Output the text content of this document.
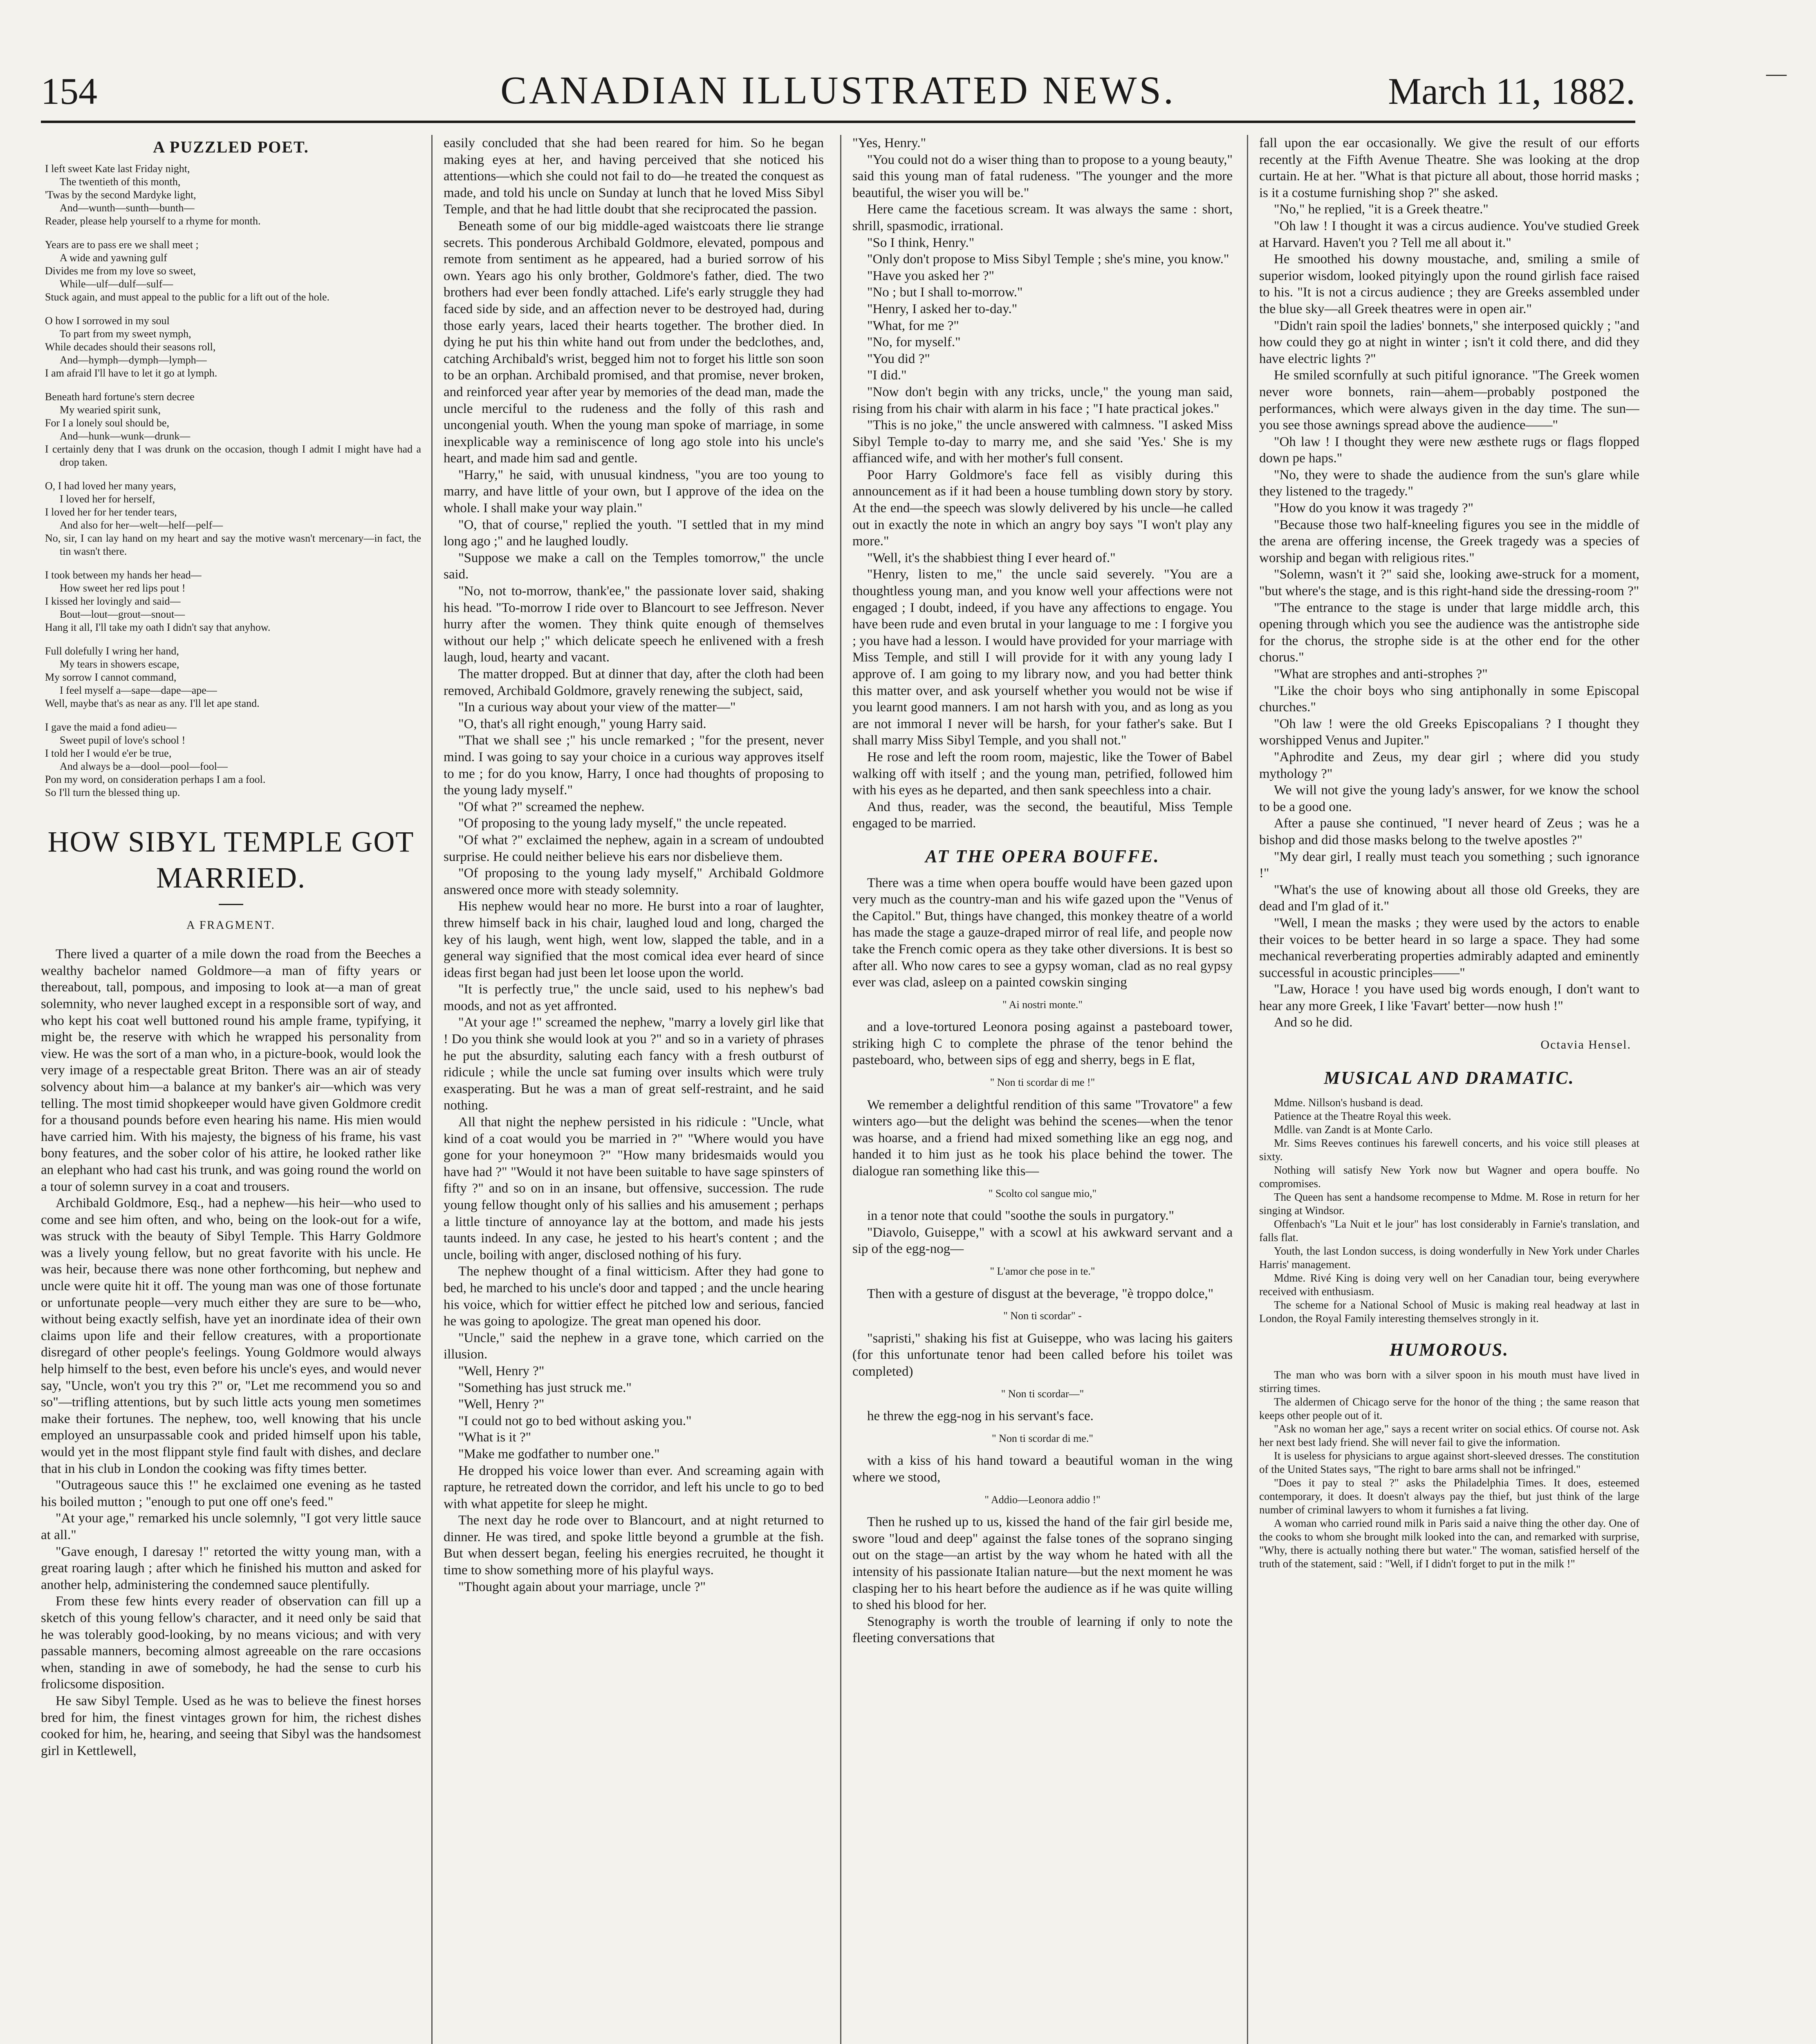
154	CANADIAN ILLUSTRATED NEWS.	March 11, 1882.
A PUZZLED POET.
I left sweet Kate last Friday night,
The twentieth of this month,
'Twas by the second Mardyke light,
And—wunth—sunth—bunth—
Reader, please help yourself to a rhyme for month.
Years are to pass ere we shall meet ;
A wide and yawning gulf
Divides me from my love so sweet,
While—ulf—dulf—sulf—
Stuck again, and must appeal to the public for a lift out of the hole.
O how I sorrowed in my soul
To part from my sweet nymph,
While decades should their seasons roll,
And—hymph—dymph—lymph—
I am afraid I'll have to let it go at lymph.
Beneath hard fortune's stern decree
My wearied spirit sunk,
For I a lonely soul should be,
And—hunk—wunk—drunk—
I certainly deny that I was drunk on the occasion, though I admit I might have had a drop taken.
O, I had loved her many years,
I loved her for herself,
I loved her for her tender tears,
And also for her—welt—helf—pelf—
No, sir, I can lay hand on my heart and say the motive wasn't mercenary—in fact, the tin wasn't there.
I took between my hands her head—
How sweet her red lips pout !
I kissed her lovingly and said—
Bout—lout—grout—snout—
Hang it all, I'll take my oath I didn't say that anyhow.
Full dolefully I wring her hand,
My tears in showers escape,
My sorrow I cannot command,
I feel myself a—sape—dape—ape—
Well, maybe that's as near as any. I'll let ape stand.
I gave the maid a fond adieu—
Sweet pupil of love's school !
I told her I would e'er be true,
And always be a—dool—pool—fool—
Pon my word, on consideration perhaps I am a fool.
So I'll turn the blessed thing up.
HOW SIBYL TEMPLE GOT MARRIED.
A FRAGMENT.

There lived a quarter of a mile down the road from the Beeches a wealthy bachelor named Goldmore—a man of fifty years or thereabout, tall, pompous, and imposing to look at—a man of great solemnity, who never laughed except in a responsible sort of way, and who kept his coat well buttoned round his ample frame, typifying, it might be, the reserve with which he wrapped his personality from view. He was the sort of a man who, in a picture-book, would look the very image of a respectable great Briton. There was an air of steady solvency about him—a balance at my banker's air—which was very telling. The most timid shopkeeper would have given Goldmore credit for a thousand pounds before even hearing his name. His mien would have carried him. With his majesty, the bigness of his frame, his vast bony features, and the sober color of his attire, he looked rather like an elephant who had cast his trunk, and was going round the world on a tour of solemn survey in a coat and trousers.

Archibald Goldmore, Esq., had a nephew—his heir—who used to come and see him often, and who, being on the look-out for a wife, was struck with the beauty of Sibyl Temple. This Harry Goldmore was a lively young fellow, but no great favorite with his uncle. He was heir, because there was none other forthcoming, but nephew and uncle were quite hit it off. The young man was one of those fortunate or unfortunate people—very much either they are sure to be—who, without being exactly selfish, have yet an inordinate idea of their own claims upon life and their fellow creatures, with a proportionate disregard of other people's feelings. Young Goldmore would always help himself to the best, even before his uncle's eyes, and would never say, "Uncle, won't you try this ?" or, "Let me recommend you so and so"—trifling attentions, but by such little acts young men sometimes make their fortunes. The nephew, too, well knowing that his uncle employed an unsurpassable cook and prided himself upon his table, would yet in the most flippant style find fault with dishes, and declare that in his club in London the cooking was fifty times better.

"Outrageous sauce this !" he exclaimed one evening as he tasted his boiled mutton ; "enough to put one off one's feed."

"At your age," remarked his uncle solemnly, "I got very little sauce at all."

"Gave enough, I daresay !" retorted the witty young man, with a great roaring laugh ; after which he finished his mutton and asked for another help, administering the condemned sauce plentifully.

From these few hints every reader of observation can fill up a sketch of this young fellow's character, and it need only be said that he was tolerably good-looking, by no means vicious; and with very passable manners, becoming almost agreeable on the rare occasions when, standing in awe of somebody, he had the sense to curb his frolicsome disposition.

He saw Sibyl Temple. Used as he was to believe the finest horses bred for him, the finest vintages grown for him, the richest dishes cooked for him, he, hearing, and seeing that Sibyl was the handsomest girl in Kettlewell,

easily concluded that she had been reared for him. So he began making eyes at her, and having perceived that she noticed his attentions—which she could not fail to do—he treated the conquest as made, and told his uncle on Sunday at lunch that he loved Miss Sibyl Temple, and that he had little doubt that she reciprocated the passion.

Beneath some of our big middle-aged waistcoats there lie strange secrets. This ponderous Archibald Goldmore, elevated, pompous and remote from sentiment as he appeared, had a buried sorrow of his own. Years ago his only brother, Goldmore's father, died. The two brothers had ever been fondly attached. Life's early struggle they had faced side by side, and an affection never to be destroyed had, during those early years, laced their hearts together. The brother died. In dying he put his thin white hand out from under the bedclothes, and, catching Archibald's wrist, begged him not to forget his little son soon to be an orphan. Archibald promised, and that promise, never broken, and reinforced year after year by memories of the dead man, made the uncle merciful to the rudeness and the folly of this rash and uncongenial youth. When the young man spoke of marriage, in some inexplicable way a reminiscence of long ago stole into his uncle's heart, and made him sad and gentle.

"Harry," he said, with unusual kindness, "you are too young to marry, and have little of your own, but I approve of the idea on the whole. I shall make your way plain."

"O, that of course," replied the youth. "I settled that in my mind long ago ;" and he laughed loudly.

"Suppose we make a call on the Temples tomorrow," the uncle said.

"No, not to-morrow, thank'ee," the passionate lover said, shaking his head. "To-morrow I ride over to Blancourt to see Jeffreson. Never hurry after the women. They think quite enough of themselves without our help ;" which delicate speech he enlivened with a fresh laugh, loud, hearty and vacant.

The matter dropped. But at dinner that day, after the cloth had been removed, Archibald Goldmore, gravely renewing the subject, said,

"In a curious way about your view of the matter—"

"O, that's all right enough," young Harry said.

"That we shall see ;" his uncle remarked ; "for the present, never mind. I was going to say your choice in a curious way approves itself to me ; for do you know, Harry, I once had thoughts of proposing to the young lady myself."

"Of what ?" screamed the nephew.

"Of proposing to the young lady myself," the uncle repeated.

"Of what ?" exclaimed the nephew, again in a scream of undoubted surprise. He could neither believe his ears nor disbelieve them.

"Of proposing to the young lady myself," Archibald Goldmore answered once more with steady solemnity.

His nephew would hear no more. He burst into a roar of laughter, threw himself back in his chair, laughed loud and long, charged the key of his laugh, went high, went low, slapped the table, and in a general way signified that the most comical idea ever heard of since ideas first began had just been let loose upon the world.

"It is perfectly true," the uncle said, used to his nephew's bad moods, and not as yet affronted.

"At your age !" screamed the nephew, "marry a lovely girl like that ! Do you think she would look at you ?" and so in a variety of phrases he put the absurdity, saluting each fancy with a fresh outburst of ridicule ; while the uncle sat fuming over insults which were truly exasperating. But he was a man of great self-restraint, and he said nothing.

All that night the nephew persisted in his ridicule : "Uncle, what kind of a coat would you be married in ?" "Where would you have gone for your honeymoon ?" "How many bridesmaids would you have had ?" "Would it not have been suitable to have sage spinsters of fifty ?" and so on in an insane, but offensive, succession. The rude young fellow thought only of his sallies and his amusement ; perhaps a little tincture of annoyance lay at the bottom, and made his jests taunts indeed. In any case, he jested to his heart's content ; and the uncle, boiling with anger, disclosed nothing of his fury.

The nephew thought of a final witticism. After they had gone to bed, he marched to his uncle's door and tapped ; and the uncle hearing his voice, which for wittier effect he pitched low and serious, fancied he was going to apologize. The great man opened his door.

"Uncle," said the nephew in a grave tone, which carried on the illusion.

"Well, Henry ?"

"Something has just struck me."

"Well, Henry ?"

"I could not go to bed without asking you."

"What is it ?"

"Make me godfather to number one."

He dropped his voice lower than ever. And screaming again with rapture, he retreated down the corridor, and left his uncle to go to bed with what appetite for sleep he might.

The next day he rode over to Blancourt, and at night returned to dinner. He was tired, and spoke little beyond a grumble at the fish. But when dessert began, feeling his energies recruited, he thought it time to show something more of his playful ways.

"Thought again about your marriage, uncle ?"

"Yes, Henry."

"You could not do a wiser thing than to propose to a young beauty," said this young man of fatal rudeness. "The younger and the more beautiful, the wiser you will be."

Here came the facetious scream. It was always the same : short, shrill, spasmodic, irrational.

"So I think, Henry."

"Only don't propose to Miss Sibyl Temple ; she's mine, you know."

"Have you asked her ?"

"No ; but I shall to-morrow."

"Henry, I asked her to-day."

"What, for me ?"

"No, for myself."

"You did ?"

"I did."

"Now don't begin with any tricks, uncle," the young man said, rising from his chair with alarm in his face ; "I hate practical jokes."

"This is no joke," the uncle answered with calmness. "I asked Miss Sibyl Temple to-day to marry me, and she said 'Yes.' She is my affianced wife, and with her mother's full consent.

Poor Harry Goldmore's face fell as visibly during this announcement as if it had been a house tumbling down story by story. At the end—the speech was slowly delivered by his uncle—he called out in exactly the note in which an angry boy says "I won't play any more."

"Well, it's the shabbiest thing I ever heard of."

"Henry, listen to me," the uncle said severely. "You are a thoughtless young man, and you know well your affections were not engaged ; I doubt, indeed, if you have any affections to engage. You have been rude and even brutal in your language to me : I forgive you ; you have had a lesson. I would have provided for your marriage with Miss Temple, and still I will provide for it with any young lady I approve of. I am going to my library now, and you had better think this matter over, and ask yourself whether you would not be wise if you learnt good manners. I am not harsh with you, and as long as you are not immoral I never will be harsh, for your father's sake. But I shall marry Miss Sibyl Temple, and you shall not."

He rose and left the room room, majestic, like the Tower of Babel walking off with itself ; and the young man, petrified, followed him with his eyes as he departed, and then sank speechless into a chair.

And thus, reader, was the second, the beautiful, Miss Temple engaged to be married.

AT THE OPERA BOUFFE.

There was a time when opera bouffe would have been gazed upon very much as the country-man and his wife gazed upon the "Venus of the Capitol." But, things have changed, this monkey theatre of a world has made the stage a gauze-draped mirror of real life, and people now take the French comic opera as they take other diversions. It is best so after all. Who now cares to see a gypsy woman, clad as no real gypsy ever was clad, asleep on a painted cowskin singing

" Ai nostri monte."

and a love-tortured Leonora posing against a pasteboard tower, striking high C to complete the phrase of the tenor behind the pasteboard, who, between sips of egg and sherry, begs in E flat,

" Non ti scordar di me !"

We remember a delightful rendition of this same "Trovatore" a few winters ago—but the delight was behind the scenes—when the tenor was hoarse, and a friend had mixed something like an egg nog, and handed it to him just as he took his place behind the tower. The dialogue ran something like this—

" Scolto col sangue mio,"

in a tenor note that could "soothe the souls in purgatory."

"Diavolo, Guiseppe," with a scowl at his awkward servant and a sip of the egg-nog—

" L'amor che pose in te."

Then with a gesture of disgust at the beverage, "è troppo dolce,"

" Non ti scordar" -

"sapristi," shaking his fist at Guiseppe, who was lacing his gaiters (for this unfortunate tenor had been called before his toilet was completed)

" Non ti scordar—"

he threw the egg-nog in his servant's face.

" Non ti scordar di me."

with a kiss of his hand toward a beautiful woman in the wing where we stood,

" Addio—Leonora addio !"

Then he rushed up to us, kissed the hand of the fair girl beside me, swore "loud and deep" against the false tones of the soprano singing out on the stage—an artist by the way whom he hated with all the intensity of his passionate Italian nature—but the next moment he was clasping her to his heart before the audience as if he was quite willing to shed his blood for her.

Stenography is worth the trouble of learning if only to note the fleeting conversations that

fall upon the ear occasionally. We give the result of our efforts recently at the Fifth Avenue Theatre. She was looking at the drop curtain. He at her. "What is that picture all about, those horrid masks ; is it a costume furnishing shop ?" she asked.

"No," he replied, "it is a Greek theatre."

"Oh law ! I thought it was a circus audience. You've studied Greek at Harvard. Haven't you ? Tell me all about it."

He smoothed his downy moustache, and, smiling a smile of superior wisdom, looked pityingly upon the round girlish face raised to his. "It is not a circus audience ; they are Greeks assembled under the blue sky—all Greek theatres were in open air."

"Didn't rain spoil the ladies' bonnets," she interposed quickly ; "and how could they go at night in winter ; isn't it cold there, and did they have electric lights ?"

He smiled scornfully at such pitiful ignorance. "The Greek women never wore bonnets, rain—ahem—probably postponed the performances, which were always given in the day time. The sun—you see those awnings spread above the audience——"

"Oh law ! I thought they were new æsthete rugs or flags flopped down pe haps."

"No, they were to shade the audience from the sun's glare while they listened to the tragedy."

"How do you know it was tragedy ?"

"Because those two half-kneeling figures you see in the middle of the arena are offering incense, the Greek tragedy was a species of worship and began with religious rites."

"Solemn, wasn't it ?" said she, looking awe-struck for a moment, "but where's the stage, and is this right-hand side the dressing-room ?"

"The entrance to the stage is under that large middle arch, this opening through which you see the audience was the antistrophe side for the chorus, the strophe side is at the other end for the other chorus."

"What are strophes and anti-strophes ?"

"Like the choir boys who sing antiphonally in some Episcopal churches."

"Oh law ! were the old Greeks Episcopalians ? I thought they worshipped Venus and Jupiter."

"Aphrodite and Zeus, my dear girl ; where did you study mythology ?"

We will not give the young lady's answer, for we know the school to be a good one.

After a pause she continued, "I never heard of Zeus ; was he a bishop and did those masks belong to the twelve apostles ?"

"My dear girl, I really must teach you something ; such ignorance !"

"What's the use of knowing about all those old Greeks, they are dead and I'm glad of it."

"Well, I mean the masks ; they were used by the actors to enable their voices to be better heard in so large a space. They had some mechanical reverberating properties admirably adapted and eminently successful in acoustic principles——"

"Law, Horace ! you have used big words enough, I don't want to hear any more Greek, I like 'Favart' better—now hush !"

And so he did.

Octavia Hensel.
MUSICAL AND DRAMATIC.

Mdme. Nillson's husband is dead.

Patience at the Theatre Royal this week.

Mdlle. van Zandt is at Monte Carlo.

Mr. Sims Reeves continues his farewell concerts, and his voice still pleases at sixty.

Nothing will satisfy New York now but Wagner and opera bouffe. No compromises.

The Queen has sent a handsome recompense to Mdme. M. Rose in return for her singing at Windsor.

Offenbach's "La Nuit et le jour" has lost considerably in Farnie's translation, and falls flat.

Youth, the last London success, is doing wonderfully in New York under Charles Harris' management.

Mdme. Rivé King is doing very well on her Canadian tour, being everywhere received with enthusiasm.

The scheme for a National School of Music is making real headway at last in London, the Royal Family interesting themselves strongly in it.

HUMOROUS.

The man who was born with a silver spoon in his mouth must have lived in stirring times.

The aldermen of Chicago serve for the honor of the thing ; the same reason that keeps other people out of it.

"Ask no woman her age," says a recent writer on social ethics. Of course not. Ask her next best lady friend. She will never fail to give the information.

It is useless for physicians to argue against short-sleeved dresses. The constitution of the United States says, "The right to bare arms shall not be infringed."

"Does it pay to steal ?" asks the Philadelphia Times. It does, esteemed contemporary, it does. It doesn't always pay the thief, but just think of the large number of criminal lawyers to whom it furnishes a fat living.

A woman who carried round milk in Paris said a naive thing the other day. One of the cooks to whom she brought milk looked into the can, and remarked with surprise, "Why, there is actually nothing there but water." The woman, satisfied herself of the truth of the statement, said : "Well, if I didn't forget to put in the milk !"

—
